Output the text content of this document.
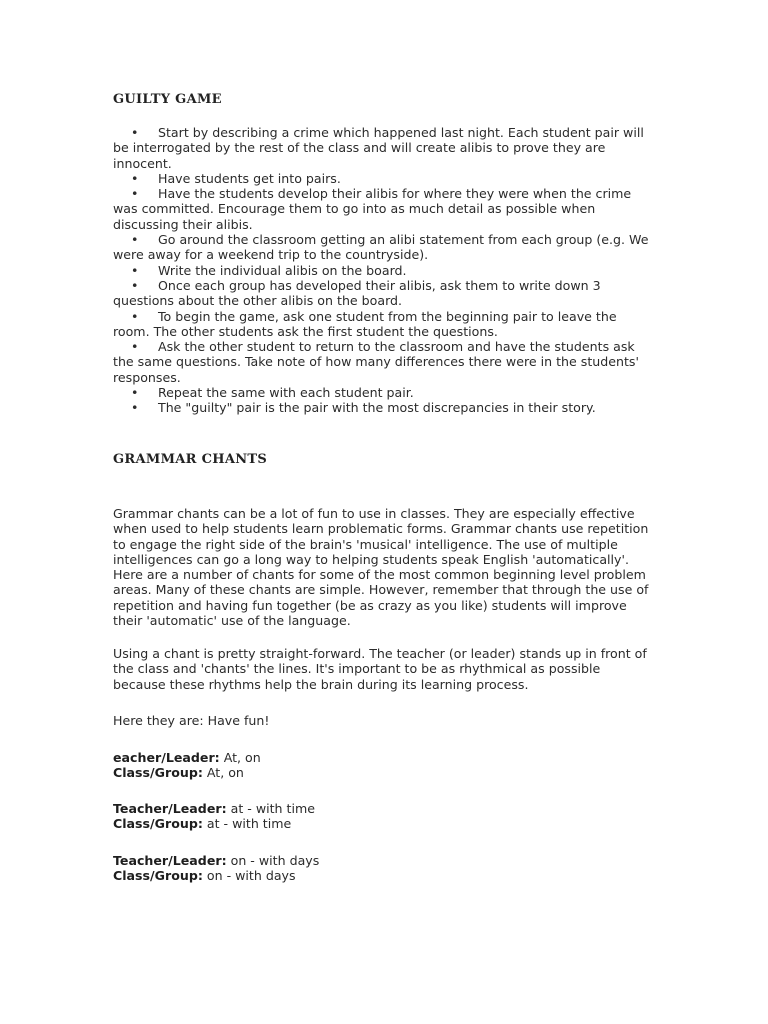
GUILTY GAME
• Start by describing a crime which happened last night. Each student pair will be interrogated by the rest of the class and will create alibis to prove they are innocent.
• Have students get into pairs.
• Have the students develop their alibis for where they were when the crime was committed. Encourage them to go into as much detail as possible when discussing their alibis.
• Go around the classroom getting an alibi statement from each group (e.g. We were away for a weekend trip to the countryside).
• Write the individual alibis on the board.
• Once each group has developed their alibis, ask them to write down 3 questions about the other alibis on the board.
• To begin the game, ask one student from the beginning pair to leave the room. The other students ask the first student the questions.
• Ask the other student to return to the classroom and have the students ask the same questions. Take note of how many differences there were in the students' responses.
• Repeat the same with each student pair.
• The "guilty" pair is the pair with the most discrepancies in their story.
GRAMMAR CHANTS

Grammar chants can be a lot of fun to use in classes. They are especially effective when used to help students learn problematic forms. Grammar chants use repetition to engage the right side of the brain's 'musical' intelligence. The use of multiple intelligences can go a long way to helping students speak English 'automatically'. Here are a number of chants for some of the most common beginning level problem areas. Many of these chants are simple. However, remember that through the use of repetition and having fun together (be as crazy as you like) students will improve their 'automatic' use of the language.

Using a chant is pretty straight-forward. The teacher (or leader) stands up in front of the class and 'chants' the lines. It's important to be as rhythmical as possible because these rhythms help the brain during its learning process.

Here they are: Have fun!

eacher/Leader: At, on
Class/Group: At, on

Teacher/Leader: at - with time
Class/Group: at - with time

Teacher/Leader: on - with days
Class/Group: on - with days
